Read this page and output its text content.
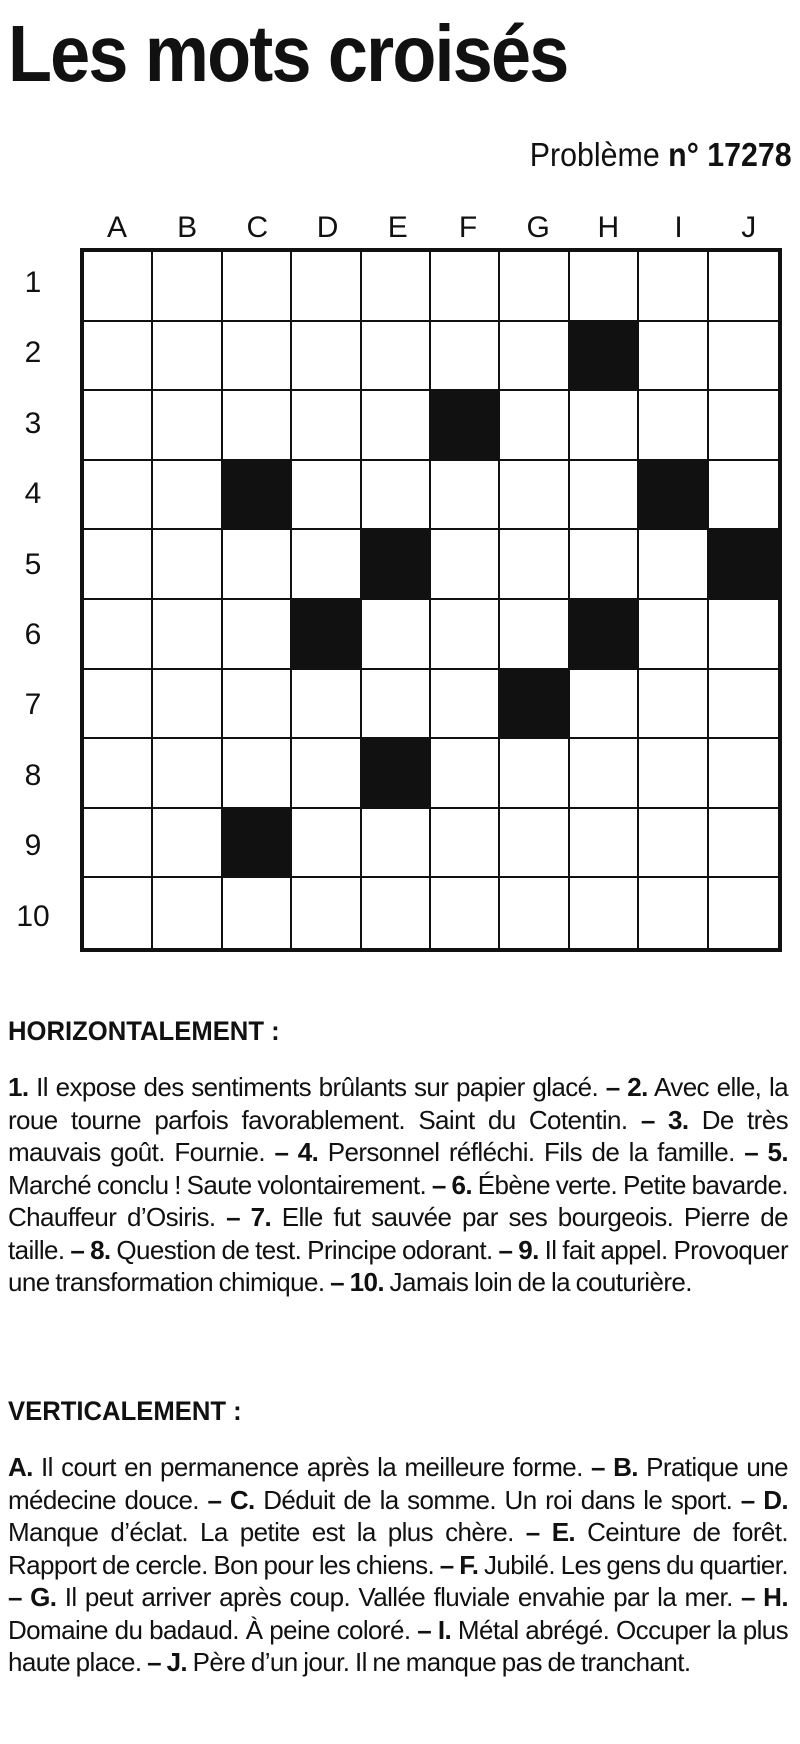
Les mots croisés
Problème n° 17278
A	B	C	D	E	F	G	H	I	J
1
2
3
4
5
6
7
8
9
10
HORIZONTALEMENT :
1. Il expose des sentiments brûlants sur papier glacé. – 2. Avec elle, la roue tourne parfois favorablement. Saint du Cotentin. – 3. De très mauvais goût. Fournie. – 4. Personnel réfléchi. Fils de la famille. – 5. Marché conclu ! Saute volontairement. – 6. Ébène verte. Petite bavarde. Chauffeur d’Osiris. – 7. Elle fut sauvée par ses bourgeois. Pierre de taille. – 8. Question de test. Principe odorant. – 9. Il fait appel. Provoquer une transformation chimique. – 10. Jamais loin de la couturière.
VERTICALEMENT :
A. Il court en permanence après la meilleure forme. – B. Pratique une médecine douce. – C. Déduit de la somme. Un roi dans le sport. – D. Manque d’éclat. La petite est la plus chère. – E. Ceinture de forêt. Rapport de cercle. Bon pour les chiens. – F. Jubilé. Les gens du quartier. – G. Il peut arriver après coup. Vallée fluviale envahie par la mer. – H. Domaine du badaud. À peine coloré. – I. Métal abrégé. Occuper la plus haute place. – J. Père d’un jour. Il ne manque pas de tranchant.
